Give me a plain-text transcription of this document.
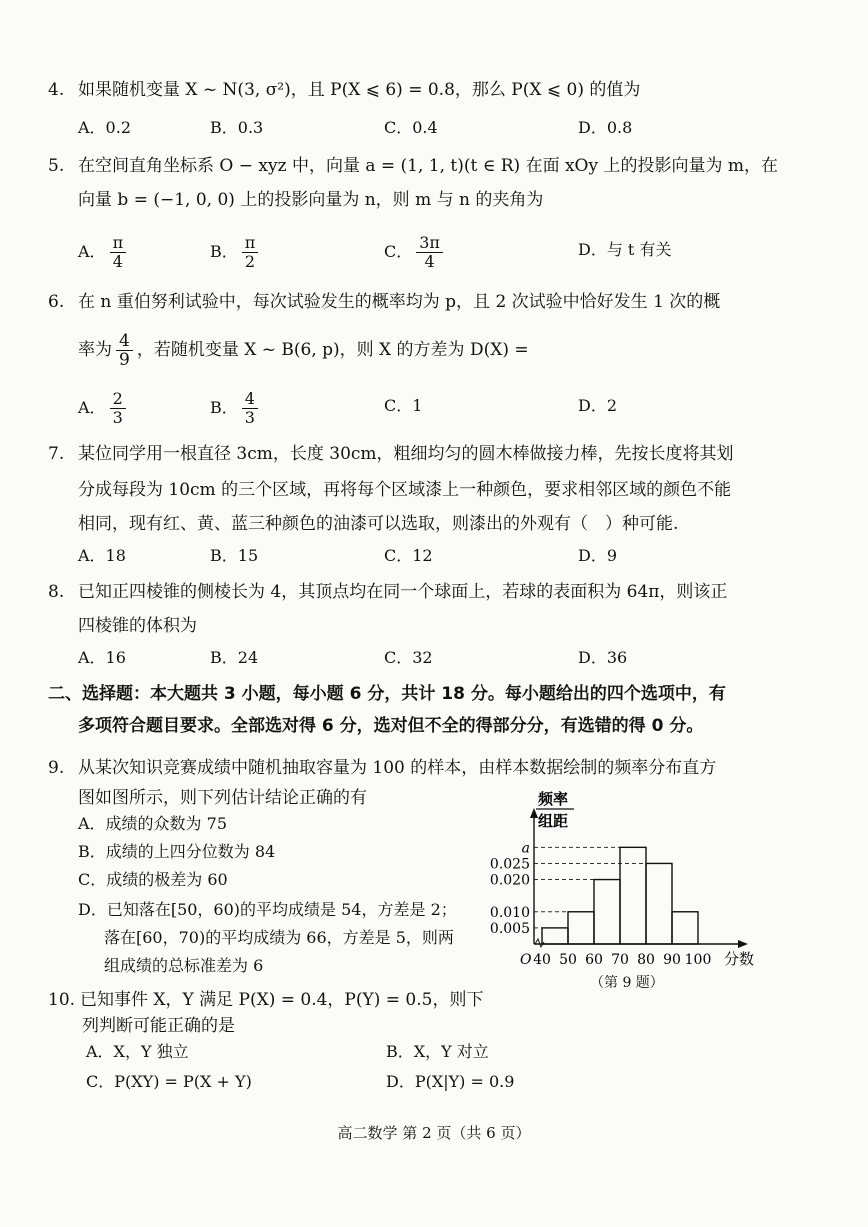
4. 如果随机变量 X ~ N(3, σ²)，且 P(X ⩽ 6) = 0.8，那么 P(X ⩽ 0) 的值为
A．0.2	B．0.3	C．0.4	D．0.8
5. 在空间直角坐标系 O − xyz 中，向量 a = (1, 1, t)(t ∈ R) 在面 xOy 上的投影向量为 m，在
向量 b = (−1, 0, 0) 上的投影向量为 n，则 m 与 n 的夹角为
A． $\frac{\pi}{4}$	B． $\frac{\pi}{2}$	C． $\frac{3\pi}{4}$	D．与 t 有关
6. 在 n 重伯努利试验中，每次试验发生的概率均为 p，且 2 次试验中恰好发生 1 次的概
率为 $\frac{4}{9}$ ，若随机变量 X ~ B(6, p)，则 X 的方差为 D(X) =
A． $\frac{2}{3}$	B． $\frac{4}{3}$	C．1	D．2
7. 某位同学用一根直径 3cm，长度 30cm，粗细均匀的圆木棒做接力棒，先按长度将其划
分成每段为 10cm 的三个区域，再将每个区域漆上一种颜色，要求相邻区域的颜色不能
相同，现有红、黄、蓝三种颜色的油漆可以选取，则漆出的外观有（　）种可能.
A．18	B．15	C．12	D．9
8. 已知正四棱锥的侧棱长为 4，其顶点均在同一个球面上，若球的表面积为 64π，则该正
四棱锥的体积为
A．16	B．24	C．32	D．36
二、选择题：本大题共 3 小题，每小题 6 分，共计 18 分。每小题给出的四个选项中，有
多项符合题目要求。全部选对得 6 分，选对但不全的得部分分，有选错的得 0 分。
9. 从某次知识竞赛成绩中随机抽取容量为 100 的样本，由样本数据绘制的频率分布直方
图如图所示，则下列估计结论正确的有
A．成绩的众数为 75
B．成绩的上四分位数为 84
C．成绩的极差为 60
D．已知落在[50，60)的平均成绩是 54，方差是 2；
落在[60，70)的平均成绩为 66，方差是 5，则两
组成绩的总标准差为 6
0.005
0.010
0.020
0.025
a
40 50 60 70 80 90 100
O	分数
频率
组距
（第 9 题）
10. 已知事件 X，Y 满足 P(X) = 0.4，P(Y) = 0.5，则下
列判断可能正确的是
A．X，Y 独立	B．X，Y 对立
C．P(XY) = P(X + Y)	D．P(X|Y) = 0.9
高二数学 第 2 页（共 6 页）
